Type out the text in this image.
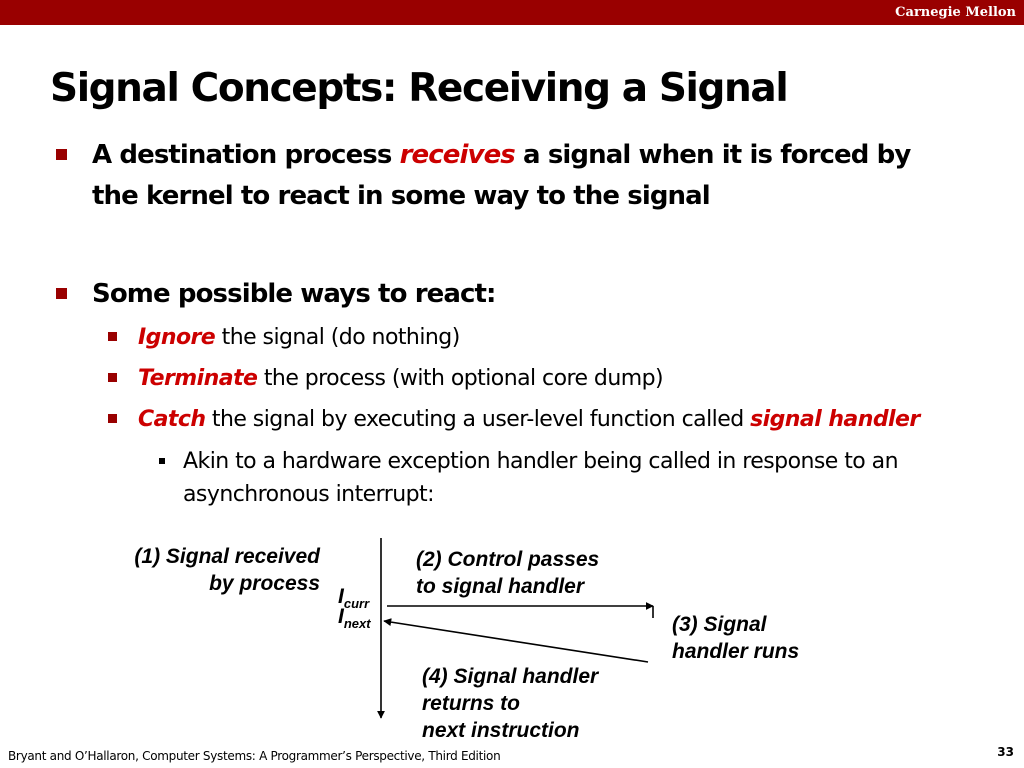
Carnegie Mellon
Signal Concepts: Receiving a Signal
A destination process receives a signal when it is forced by
the kernel to react in some way to the signal
Some possible ways to react:
Ignore the signal (do nothing)
Terminate the process (with optional core dump)
Catch the signal by executing a user-level function called signal handler
Akin to a hardware exception handler being called in response to an
asynchronous interrupt:
(1) Signal received
by process
(2) Control passes
to signal handler
(3) Signal
handler runs
(4) Signal handler
returns to
next instruction
$I_{curr}$
$I_{next}$
Bryant and O’Hallaron, Computer Systems: A Programmer’s Perspective, Third Edition	33
